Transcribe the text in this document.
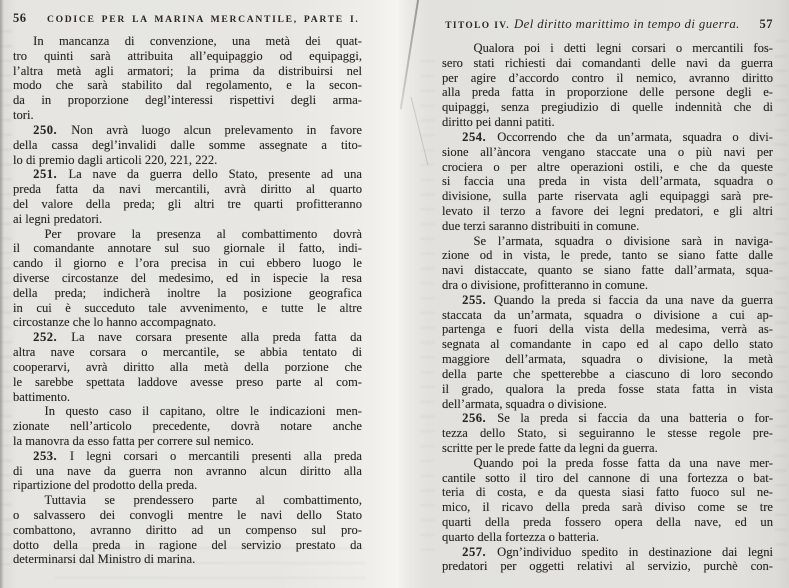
56	CODICE PER LA MARINA MERCANTILE, PARTE I.
In mancanza di convenzione, una metà dei quat-
tro quinti sarà attribuita all’equipaggio od equipaggi,
l’altra metà agli armatori; la prima da distribuirsi nel
modo che sarà stabilito dal regolamento, e la secon-
da in proporzione degl’interessi rispettivi degli arma-
tori.
250. Non avrà luogo alcun prelevamento in favore
della cassa degl’invalidi dalle somme assegnate a tito-
lo di premio dagli articoli 220, 221, 222.
251. La nave da guerra dello Stato, presente ad una
preda fatta da navi mercantili, avrà diritto al quarto
del valore della preda; gli altri tre quarti profitteranno
ai legni predatori.
Per provare la presenza al combattimento dovrà
il comandante annotare sul suo giornale il fatto, indi-
cando il giorno e l’ora precisa in cui ebbero luogo le
diverse circostanze del medesimo, ed in ispecie la resa
della preda; indicherà inoltre la posizione geografica
in cui è succeduto tale avvenimento, e tutte le altre
circostanze che lo hanno accompagnato.
252. La nave corsara presente alla preda fatta da
altra nave corsara o mercantile, se abbia tentato di
cooperarvi, avrà diritto alla metà della porzione che
le sarebbe spettata laddove avesse preso parte al com-
battimento.
In questo caso il capitano, oltre le indicazioni men-
zionate nell’articolo precedente, dovrà notare anche
la manovra da esso fatta per correre sul nemico.
253. I legni corsari o mercantili presenti alla preda
di una nave da guerra non avranno alcun diritto alla
ripartizione del prodotto della preda.
Tuttavia se prendessero parte al combattimento,
o salvassero dei convogli mentre le navi dello Stato
combattono, avranno diritto ad un compenso sul pro-
dotto della preda in ragione del servizio prestato da
determinarsi dal Ministro di marina.
TITOLO IV. Del diritto marittimo in tempo di guerra.	57
Qualora poi i detti legni corsari o mercantili fos-
sero stati richiesti dai comandanti delle navi da guerra
per agire d’accordo contro il nemico, avranno diritto
alla preda fatta in proporzione delle persone degli e-
quipaggi, senza pregiudizio di quelle indennità che di
diritto pei danni patiti.
254. Occorrendo che da un’armata, squadra o divi-
sione all’àncora vengano staccate una o più navi per
crociera o per altre operazioni ostili, e che da queste
si faccia una preda in vista dell’armata, squadra o
divisione, sulla parte riservata agli equipaggi sarà pre-
levato il terzo a favore dei legni predatori, e gli altri
due terzi saranno distribuiti in comune.
Se l’armata, squadra o divisione sarà in naviga-
zione od in vista, le prede, tanto se siano fatte dalle
navi distaccate, quanto se siano fatte dall’armata, squa-
dra o divisione, profitteranno in comune.
255. Quando la preda si faccia da una nave da guerra
staccata da un’armata, squadra o divisione a cui ap-
partenga e fuori della vista della medesima, verrà as-
segnata al comandante in capo ed al capo dello stato
maggiore dell’armata, squadra o divisione, la metà
della parte che spetterebbe a ciascuno di loro secondo
il grado, qualora la preda fosse stata fatta in vista
dell’armata, squadra o divisione.
256. Se la preda si faccia da una batteria o for-
tezza dello Stato, si seguiranno le stesse regole pre-
scritte per le prede fatte da legni da guerra.
Quando poi la preda fosse fatta da una nave mer-
cantile sotto il tiro del cannone di una fortezza o bat-
teria di costa, e da questa siasi fatto fuoco sul ne-
mico, il ricavo della preda sarà diviso come se tre
quarti della preda fossero opera della nave, ed un
quarto della fortezza o batteria.
257. Ogn’individuo spedito in destinazione dai legni
predatori per oggetti relativi al servizio, purchè con-
